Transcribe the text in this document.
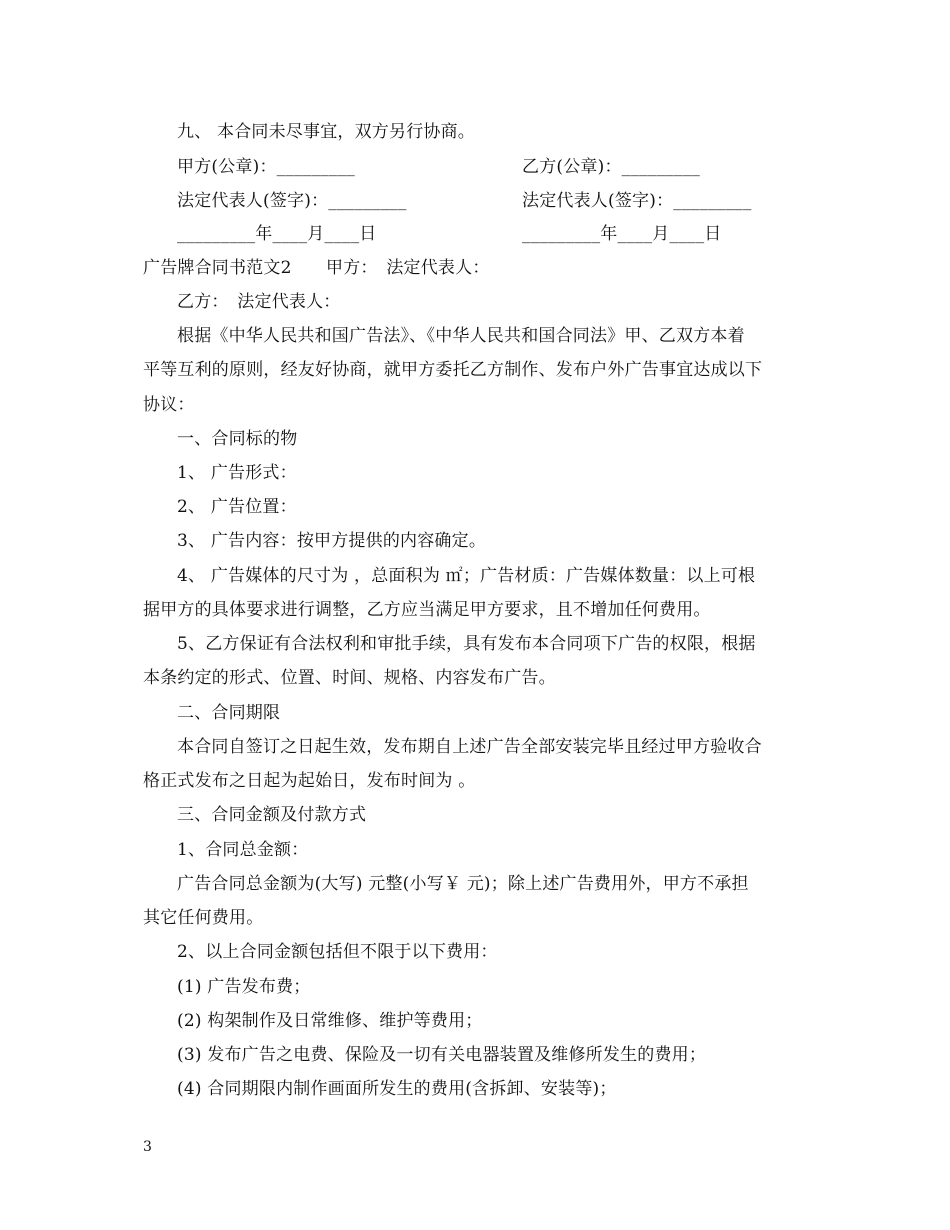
九、 本合同未尽事宜，双方另行协商。
甲方(公章)：_________	乙方(公章)：_________
法定代表人(签字)：_________	法定代表人(签字)：_________
_________年____月____日	_________年____月____日
广告牌合同书范文2　　甲方：　法定代表人：
乙方：　法定代表人：
根据《中华人民共和国广告法》、《中华人民共和国合同法》甲、乙双方本着
平等互利的原则，经友好协商，就甲方委托乙方制作、发布户外广告事宜达成以下
协议：
一、合同标的物
1、 广告形式：
2、 广告位置：
3、 广告内容：按甲方提供的内容确定。
4、 广告媒体的尺寸为 ，总面积为 ㎡；广告材质：广告媒体数量：以上可根
据甲方的具体要求进行调整，乙方应当满足甲方要求，且不增加任何费用。
5、乙方保证有合法权利和审批手续，具有发布本合同项下广告的权限，根据
本条约定的形式、位置、时间、规格、内容发布广告。
二、合同期限
本合同自签订之日起生效，发布期自上述广告全部安装完毕且经过甲方验收合
格正式发布之日起为起始日，发布时间为 。
三、合同金额及付款方式
1、合同总金额：
广告合同总金额为(大写) 元整(小写￥ 元)；除上述广告费用外，甲方不承担
其它任何费用。
2、以上合同金额包括但不限于以下费用：
(1) 广告发布费；
(2) 构架制作及日常维修、维护等费用；
(3) 发布广告之电费、保险及一切有关电器装置及维修所发生的费用；
(4) 合同期限内制作画面所发生的费用(含拆卸、安装等)；
3
